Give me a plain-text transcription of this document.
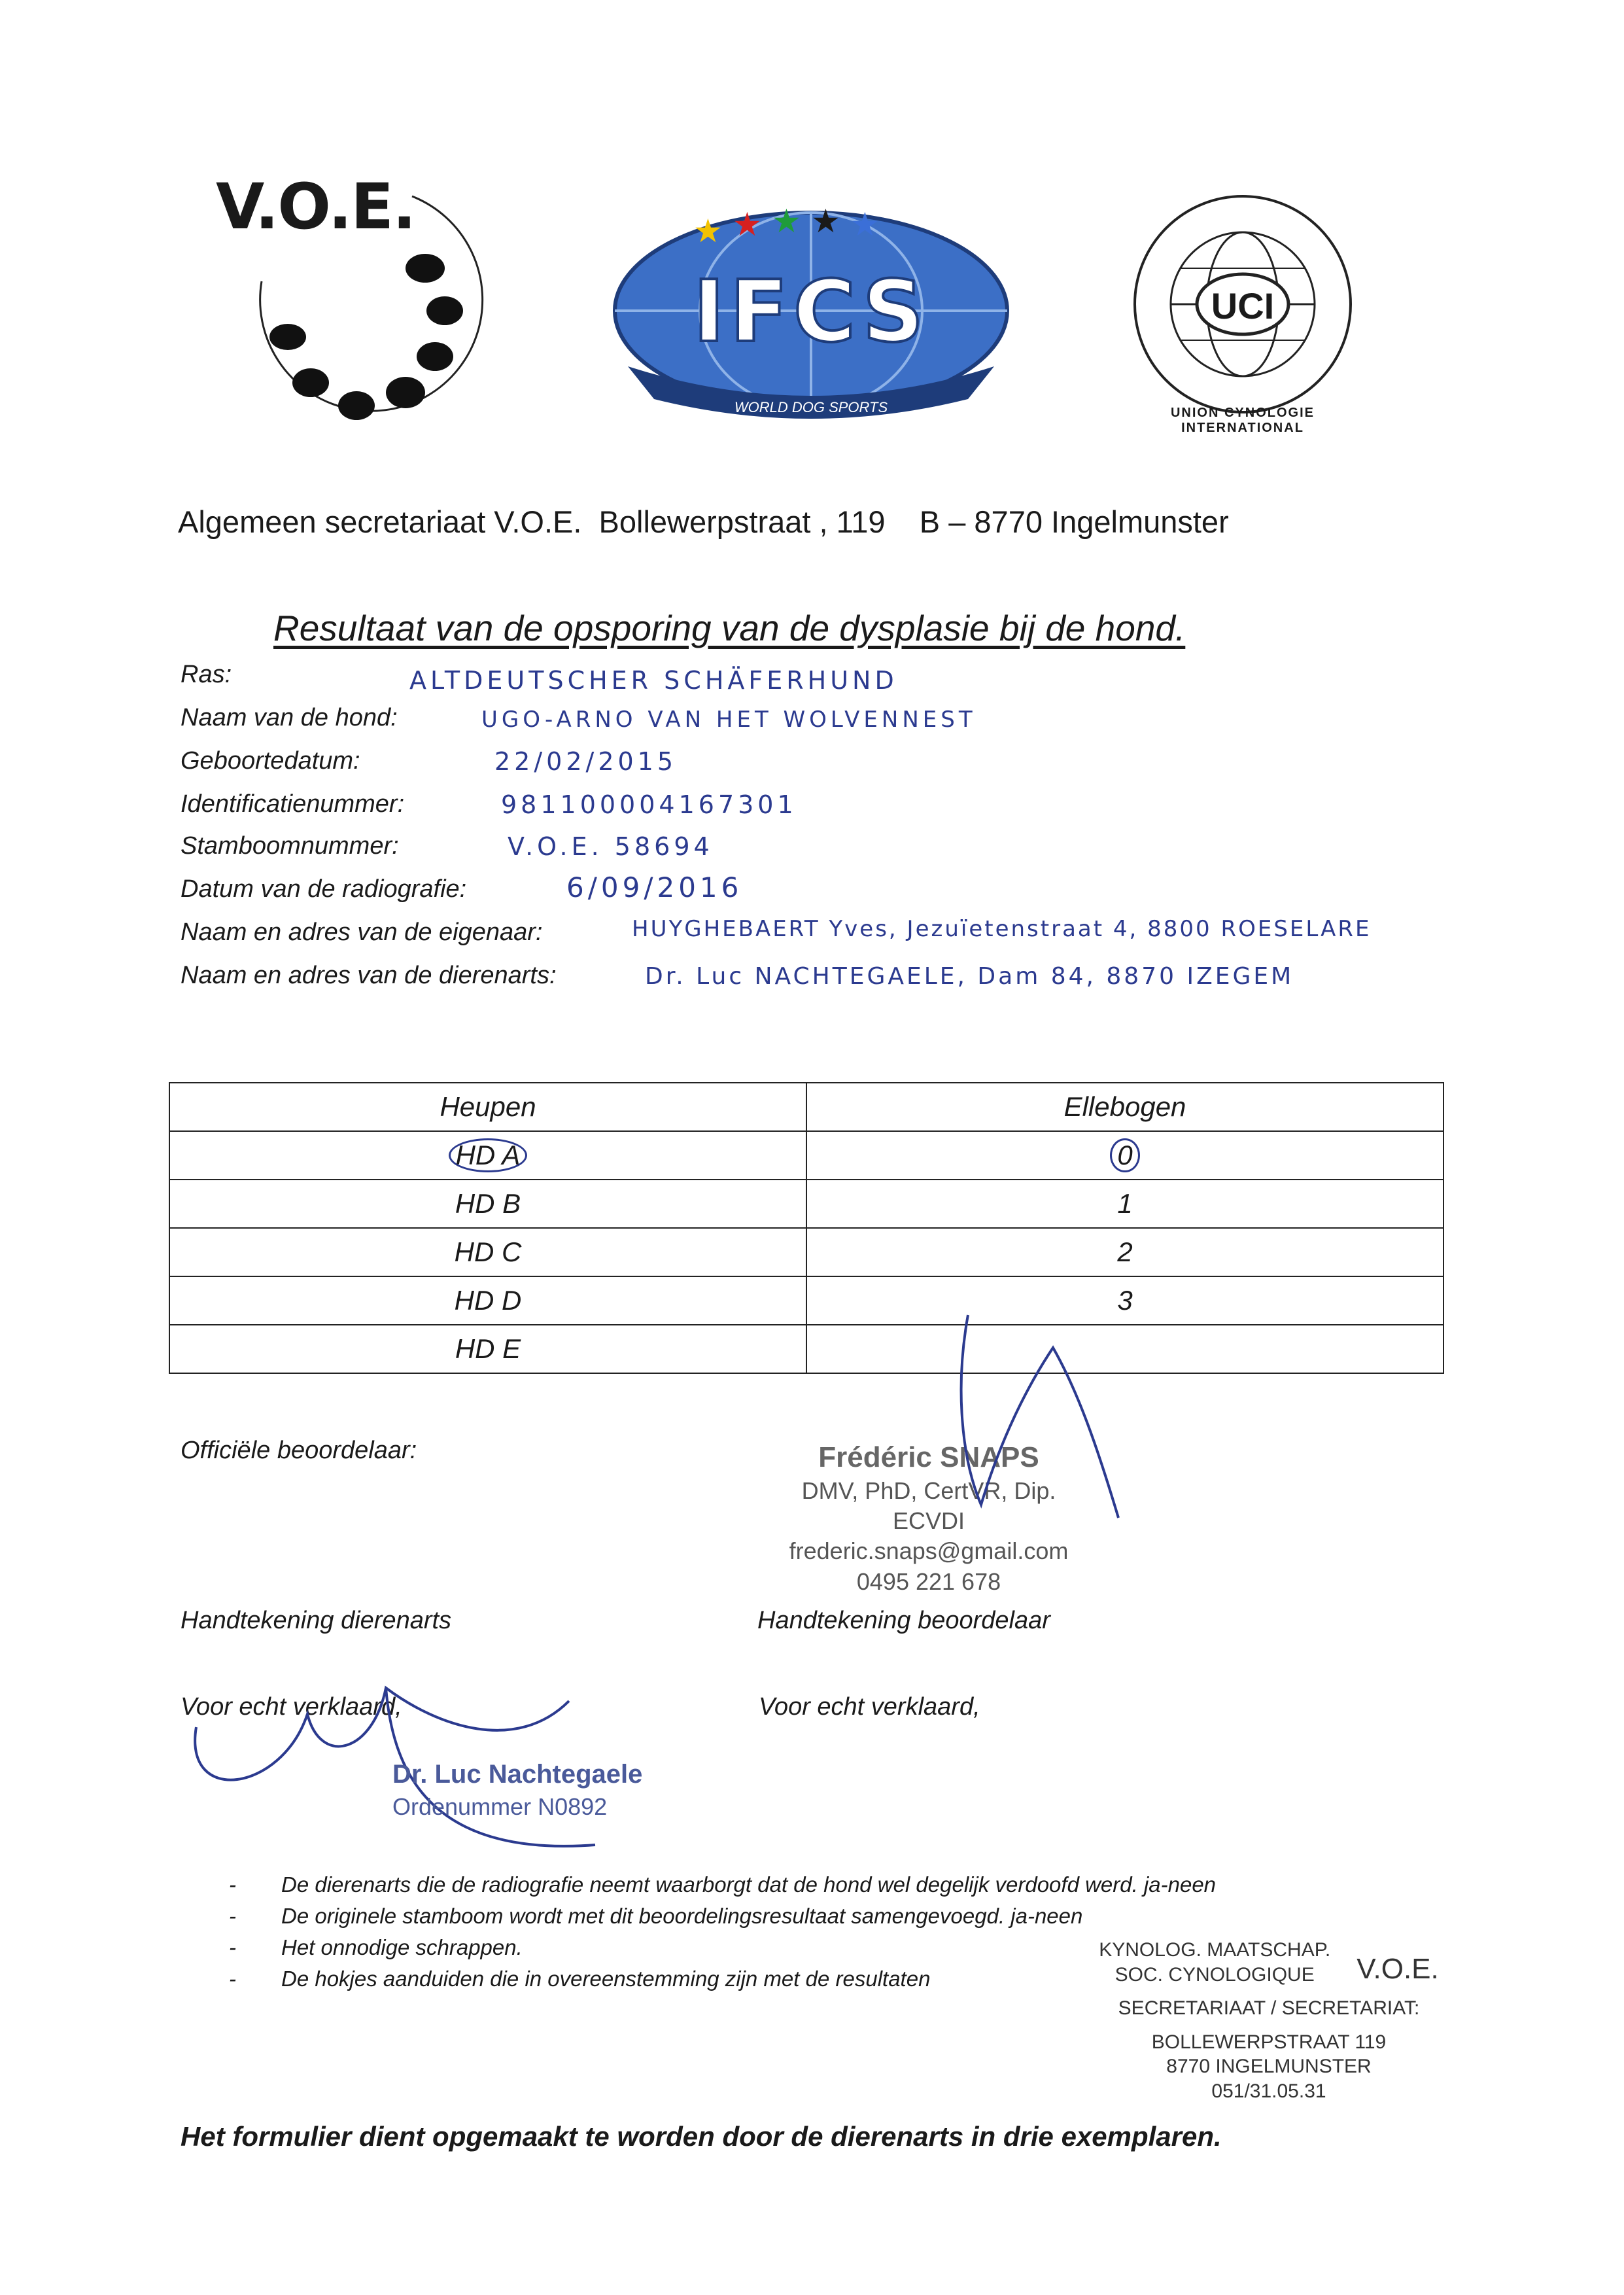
V.O.E.	★ ★ ★ ★ ★
IFCS
WORLD DOG SPORTS
UCI
UNION CYNOLOGIE INTERNATIONAL
Algemeen secretariaat V.O.E.  Bollewerpstraat , 119    B – 8770 Ingelmunster
Resultaat van de opsporing van de dysplasie bij de hond.
Ras:	ALTDEUTSCHER SCHÄFERHUND
Naam van de hond:	UGO-ARNO VAN HET WOLVENNEST
Geboortedatum:	22/02/2015
Identificatienummer:	981100004167301
Stamboomnummer:	V.O.E. 58694
Datum van de radiografie:	6/09/2016
Naam en adres van de eigenaar:	HUYGHEBAERT Yves, Jezuïetenstraat 4, 8800 ROESELARE
Naam en adres van de dierenarts:	Dr. Luc NACHTEGAELE, Dam 84, 8870 IZEGEM
Heupen	Ellebogen
HD A	0
HD B	1
HD C	2
HD D	3
HD E	
Officiële beoordelaar:	Frédéric SNAPS
DMV, PhD, CertVR, Dip. ECVDI
frederic.snaps@gmail.com
0495 221 678
Handtekening dierenarts	Handtekening beoordelaar
Voor echt verklaard,	Voor echt verklaard,
Dr. Luc Nachtegaele
Ordenummer N0892
- De dierenarts die de radiografie neemt waarborgt dat de hond wel degelijk verdoofd werd. ja-neen
- De originele stamboom wordt met dit beoordelingsresultaat samengevoegd. ja-neen
- Het onnodige schrappen.
- De hokjes aanduiden die in overeenstemming zijn met de resultaten
KYNOLOG. MAATSCHAP.
SOC. CYNOLOGIQUE	V.O.E.
SECRETARIAAT / SECRETARIAT:
BOLLEWERPSTRAAT 119
8770 INGELMUNSTER
051/31.05.31
Het formulier dient opgemaakt te worden door de dierenarts in drie exemplaren.
